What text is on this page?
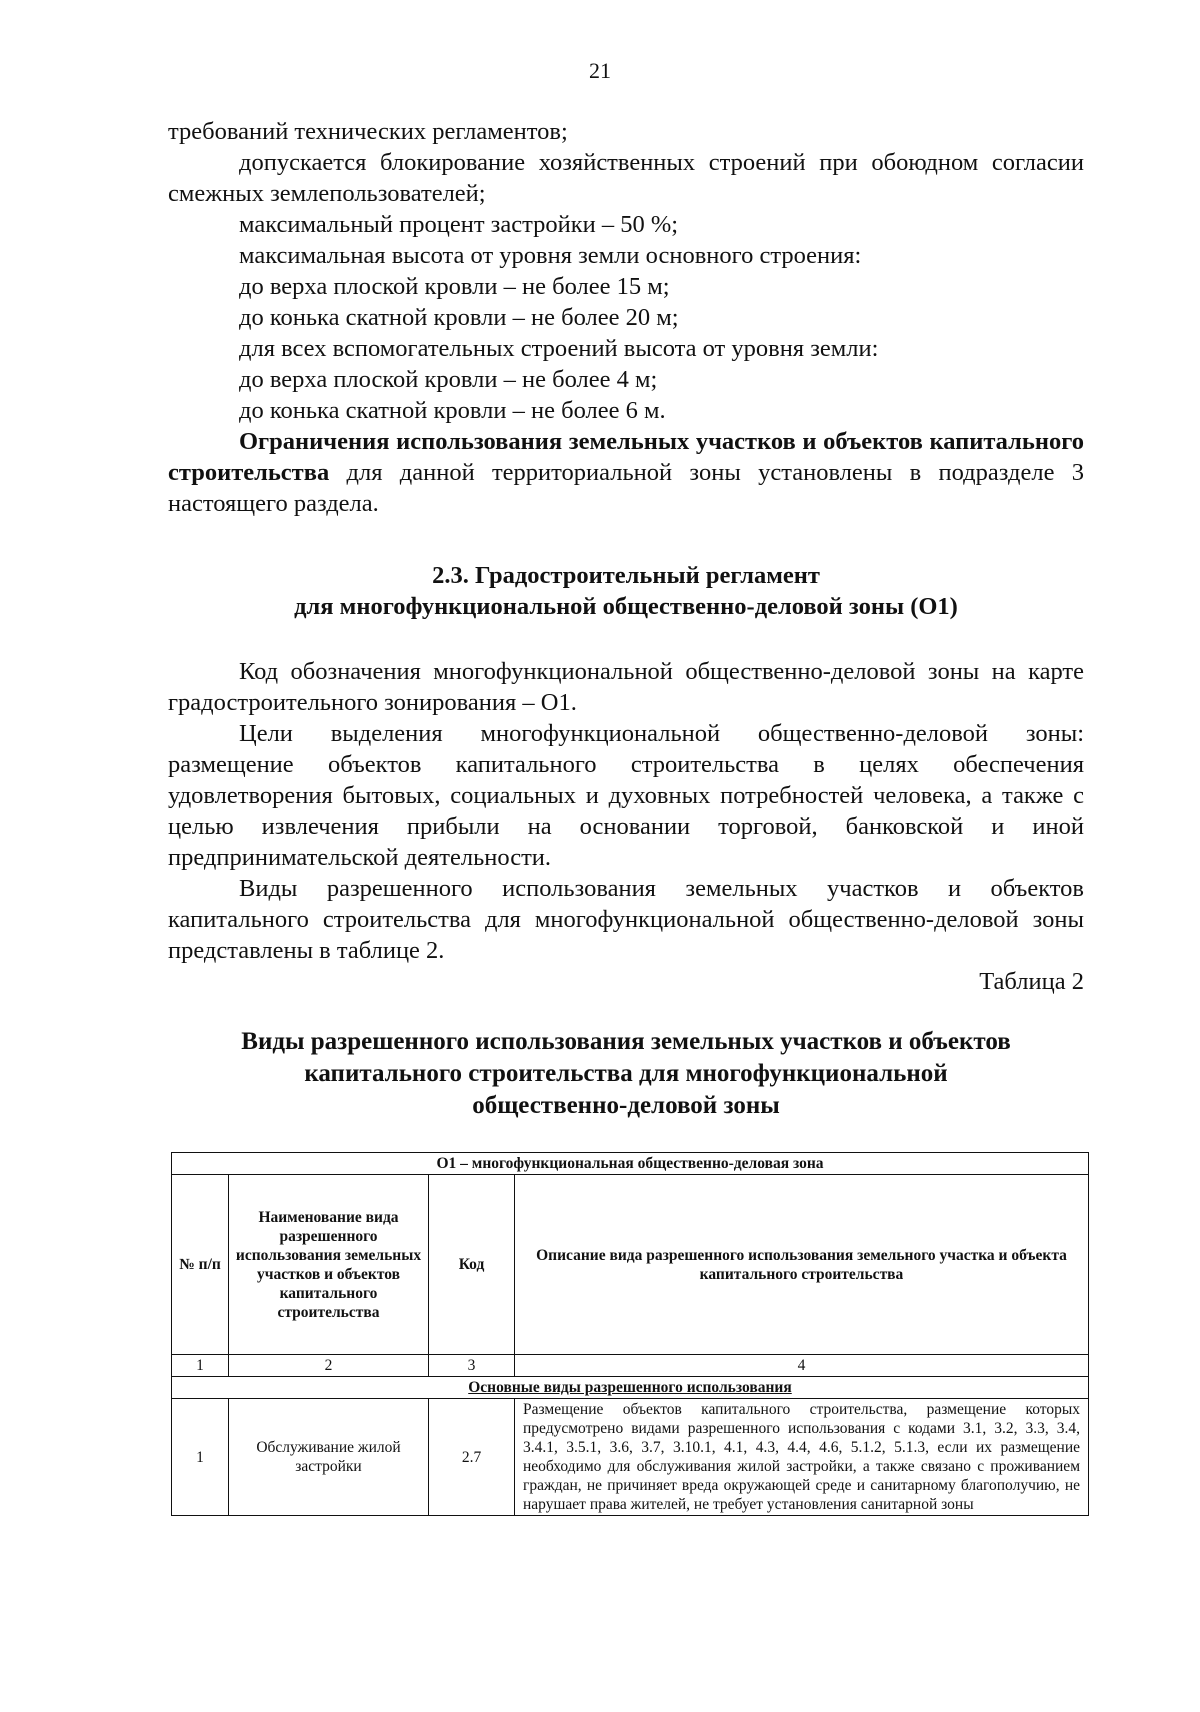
21

требований технических регламентов;

допускается блокирование хозяйственных строений при обоюдном согласии смежных землепользователей;

максимальный процент застройки – 50 %;

максимальная высота от уровня земли основного строения:

до верха плоской кровли – не более 15 м;

до конька скатной кровли – не более 20 м;

для всех вспомогательных строений высота от уровня земли:

до верха плоской кровли – не более 4 м;

до конька скатной кровли – не более 6 м.

Ограничения использования земельных участков и объектов капитального строительства для данной территориальной зоны установлены в подразделе 3 настоящего раздела.

2.3. Градостроительный регламент
для многофункциональной общественно-деловой зоны (О1)

Код обозначения многофункциональной общественно-деловой зоны на карте градостроительного зонирования – О1.

Цели выделения многофункциональной общественно-деловой зоны: размещение объектов капитального строительства в целях обеспечения удовлетворения бытовых, социальных и духовных потребностей человека, а также с целью извлечения прибыли на основании торговой, банковской и иной предпринимательской деятельности.

Виды разрешенного использования земельных участков и объектов капитального строительства для многофункциональной общественно-деловой зоны представлены в таблице 2.

Таблица 2

Виды разрешенного использования земельных участков и объектов
капитального строительства для многофункциональной
общественно-деловой зоны
О1 – многофункциональная общественно-деловая зона			
№ п/п	Наименование вида разрешенного использования земельных участков и объектов капитального строительства	Код	Описание вида разрешенного использования земельного участка и объекта капитального строительства
1	2	3	4
Основные виды разрешенного использования			
1	Обслуживание жилой застройки	2.7	Размещение объектов капитального строительства, размещение которых предусмотрено видами разрешенного использования с кодами 3.1, 3.2, 3.3, 3.4, 3.4.1, 3.5.1, 3.6, 3.7, 3.10.1, 4.1, 4.3, 4.4, 4.6, 5.1.2, 5.1.3, если их размещение необходимо для обслуживания жилой застройки, а также связано с проживанием граждан, не причиняет вреда окружающей среде и санитарному благополучию, не нарушает права жителей, не требует установления санитарной зоны
